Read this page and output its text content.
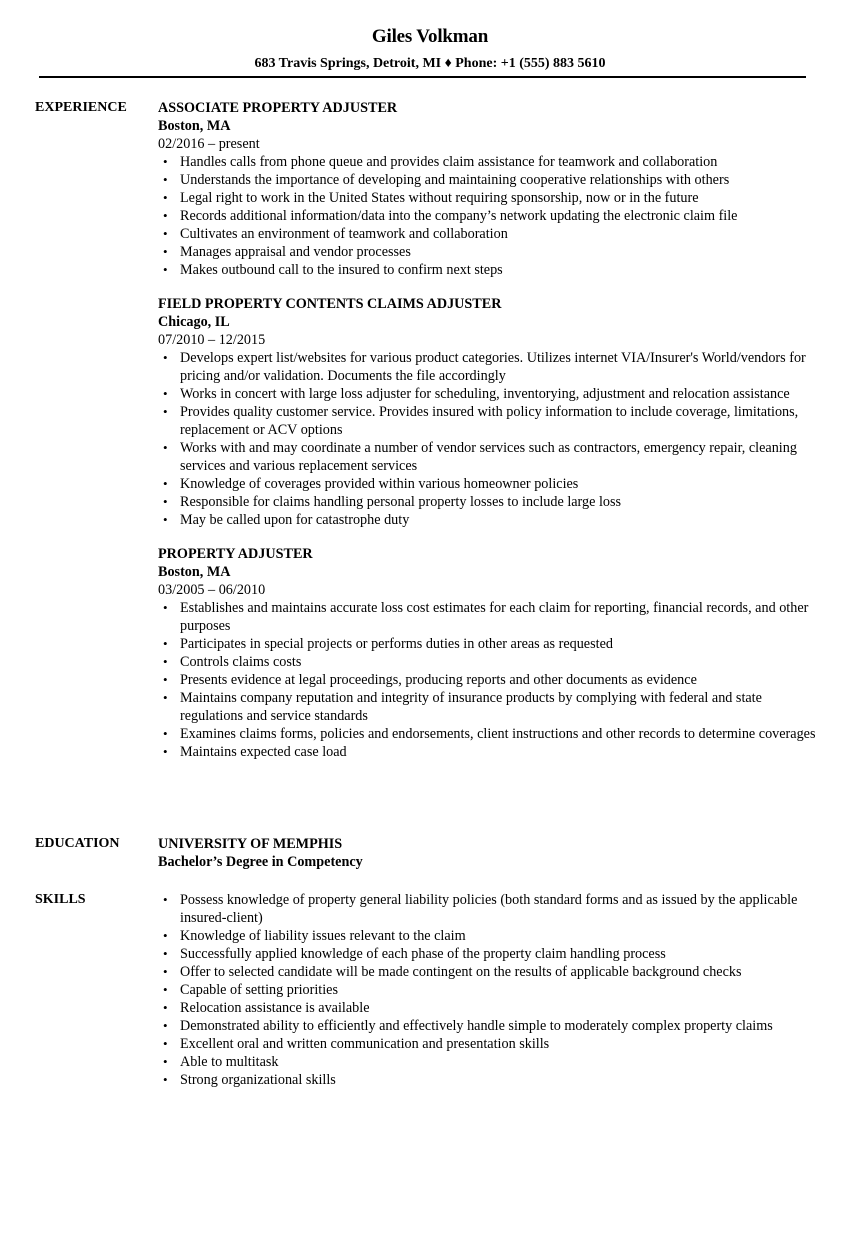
Giles Volkman
683 Travis Springs, Detroit, MI ♦ Phone: +1 (555) 883 5610
EXPERIENCE ASSOCIATE PROPERTY ADJUSTER
Boston, MA
02/2016 – present
• Handles calls from phone queue and provides claim assistance for teamwork and collaboration
• Understands the importance of developing and maintaining cooperative relationships with others
• Legal right to work in the United States without requiring sponsorship, now or in the future
• Records additional information/data into the company’s network updating the electronic claim file
• Cultivates an environment of teamwork and collaboration
• Manages appraisal and vendor processes
• Makes outbound call to the insured to confirm next steps
FIELD PROPERTY CONTENTS CLAIMS ADJUSTER
Chicago, IL
07/2010 – 12/2015
• Develops expert list/websites for various product categories. Utilizes internet VIA/Insurer's World/vendors for pricing and/or validation. Documents the file accordingly
• Works in concert with large loss adjuster for scheduling, inventorying, adjustment and relocation assistance
• Provides quality customer service. Provides insured with policy information to include coverage, limitations, replacement or ACV options
• Works with and may coordinate a number of vendor services such as contractors, emergency repair, cleaning services and various replacement services
• Knowledge of coverages provided within various homeowner policies
• Responsible for claims handling personal property losses to include large loss
• May be called upon for catastrophe duty
PROPERTY ADJUSTER
Boston, MA
03/2005 – 06/2010
• Establishes and maintains accurate loss cost estimates for each claim for reporting, financial records, and other purposes
• Participates in special projects or performs duties in other areas as requested
• Controls claims costs
• Presents evidence at legal proceedings, producing reports and other documents as evidence
• Maintains company reputation and integrity of insurance products by complying with federal and state regulations and service standards
• Examines claims forms, policies and endorsements, client instructions and other records to determine coverages
• Maintains expected case load
EDUCATION	UNIVERSITY OF MEMPHIS
Bachelor’s Degree in Competency
SKILLS	• Possess knowledge of property general liability policies (both standard forms and as issued by the applicable insured-client)
• Knowledge of liability issues relevant to the claim
• Successfully applied knowledge of each phase of the property claim handling process
• Offer to selected candidate will be made contingent on the results of applicable background checks
• Capable of setting priorities
• Relocation assistance is available
• Demonstrated ability to efficiently and effectively handle simple to moderately complex property claims
• Excellent oral and written communication and presentation skills
• Able to multitask
• Strong organizational skills
